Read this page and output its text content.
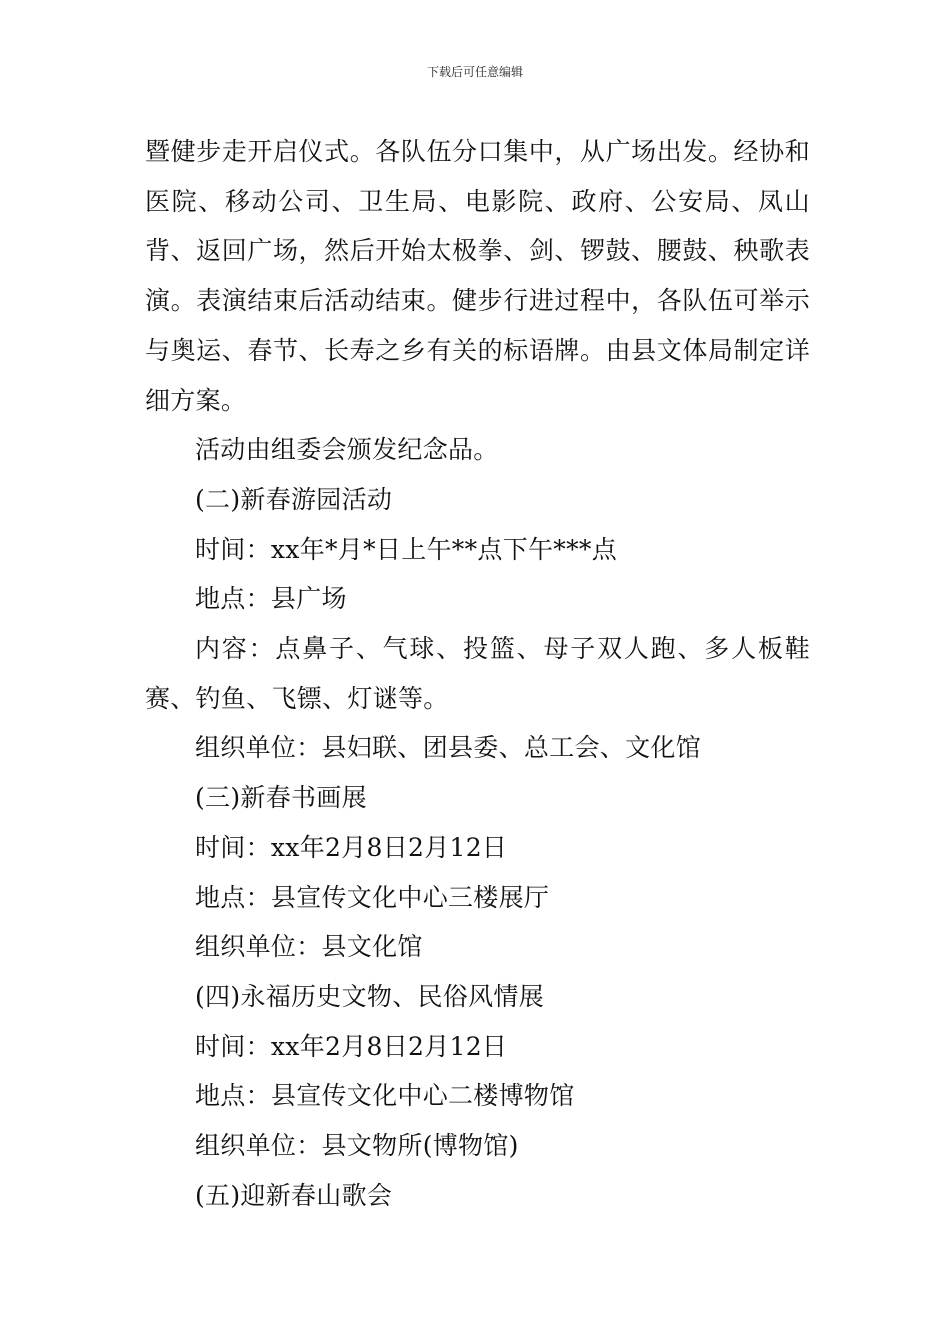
下载后可任意编辑

暨健步走开启仪式。各队伍分口集中，从广场出发。经协和医院、移动公司、卫生局、电影院、政府、公安局、凤山背、返回广场，然后开始太极拳、剑、锣鼓、腰鼓、秧歌表演。表演结束后活动结束。健步行进过程中，各队伍可举示与奥运、春节、长寿之乡有关的标语牌。由县文体局制定详细方案。

活动由组委会颁发纪念品。

(二)新春游园活动

时间：xx年*月*日上午**点下午***点

地点：县广场

内容：点鼻子、气球、投篮、母子双人跑、多人板鞋赛、钓鱼、飞镖、灯谜等。

组织单位：县妇联、团县委、总工会、文化馆

(三)新春书画展

时间：xx年2月8日2月12日

地点：县宣传文化中心三楼展厅

组织单位：县文化馆

(四)永福历史文物、民俗风情展

时间：xx年2月8日2月12日

地点：县宣传文化中心二楼博物馆

组织单位：县文物所(博物馆)

(五)迎新春山歌会
